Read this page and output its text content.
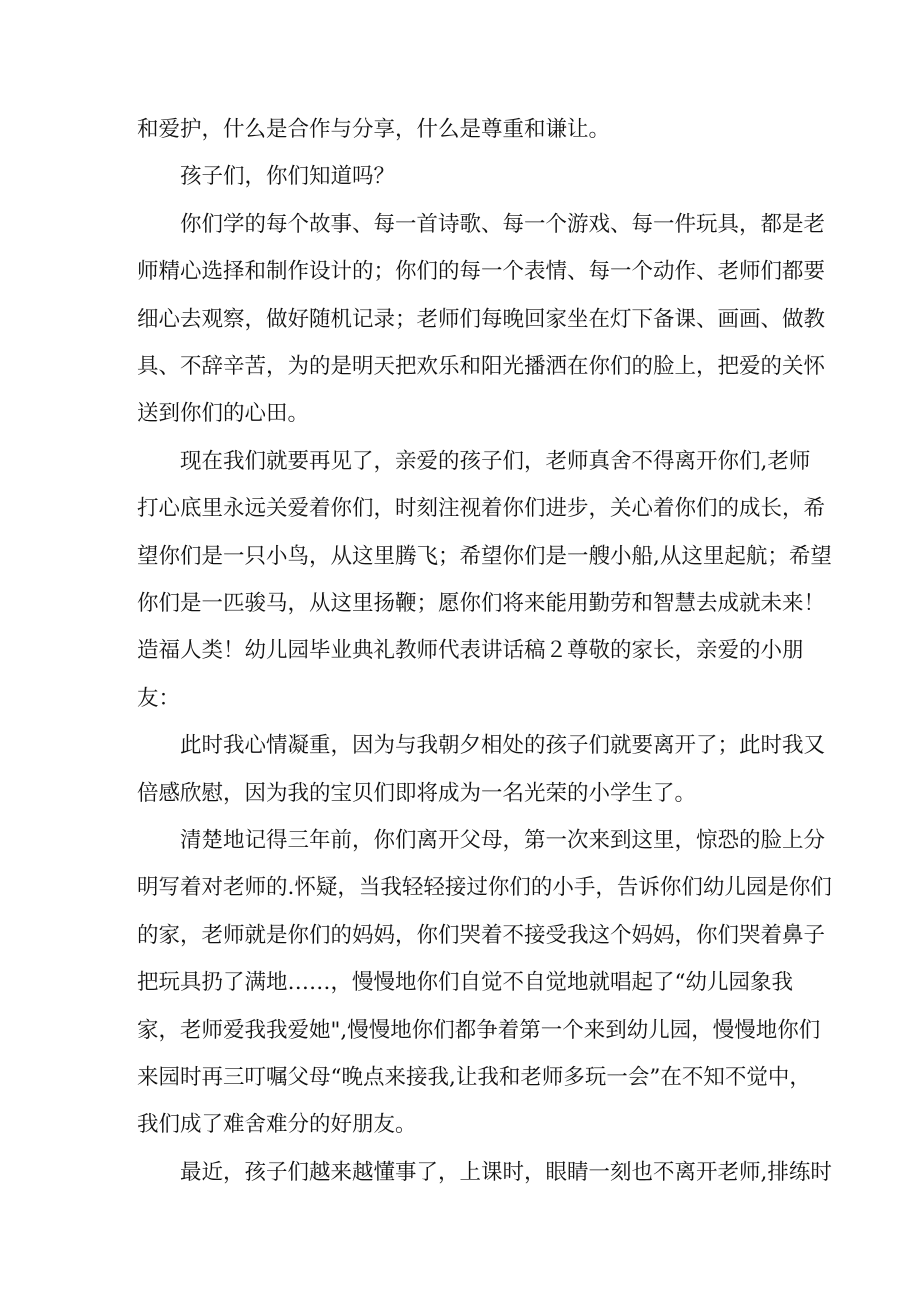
和爱护，什么是合作与分享，什么是尊重和谦让。
孩子们，你们知道吗？
你们学的每个故事、每一首诗歌、每一个游戏、每一件玩具，都是老
师精心选择和制作设计的；你们的每一个表情、每一个动作、老师们都要
细心去观察，做好随机记录；老师们每晚回家坐在灯下备课、画画、做教
具、不辞辛苦，为的是明天把欢乐和阳光播洒在你们的脸上，把爱的关怀
送到你们的心田。
现在我们就要再见了，亲爱的孩子们，老师真舍不得离开你们,老师
打心底里永远关爱着你们，时刻注视着你们进步，关心着你们的成长，希
望你们是一只小鸟，从这里腾飞；希望你们是一艘小船,从这里起航；希望
你们是一匹骏马，从这里扬鞭；愿你们将来能用勤劳和智慧去成就未来！
造福人类！幼儿园毕业典礼教师代表讲话稿２尊敬的家长，亲爱的小朋
友：
此时我心情凝重，因为与我朝夕相处的孩子们就要离开了；此时我又
倍感欣慰，因为我的宝贝们即将成为一名光荣的小学生了。
清楚地记得三年前，你们离开父母，第一次来到这里，惊恐的脸上分
明写着对老师的.怀疑，当我轻轻接过你们的小手，告诉你们幼儿园是你们
的家，老师就是你们的妈妈，你们哭着不接受我这个妈妈，你们哭着鼻子
把玩具扔了满地……，慢慢地你们自觉不自觉地就唱起了“幼儿园象我
家，老师爱我我爱她",慢慢地你们都争着第一个来到幼儿园，慢慢地你们
来园时再三叮嘱父母“晚点来接我,让我和老师多玩一会”在不知不觉中，
我们成了难舍难分的好朋友。
最近，孩子们越来越懂事了，上课时，眼睛一刻也不离开老师,排练时
